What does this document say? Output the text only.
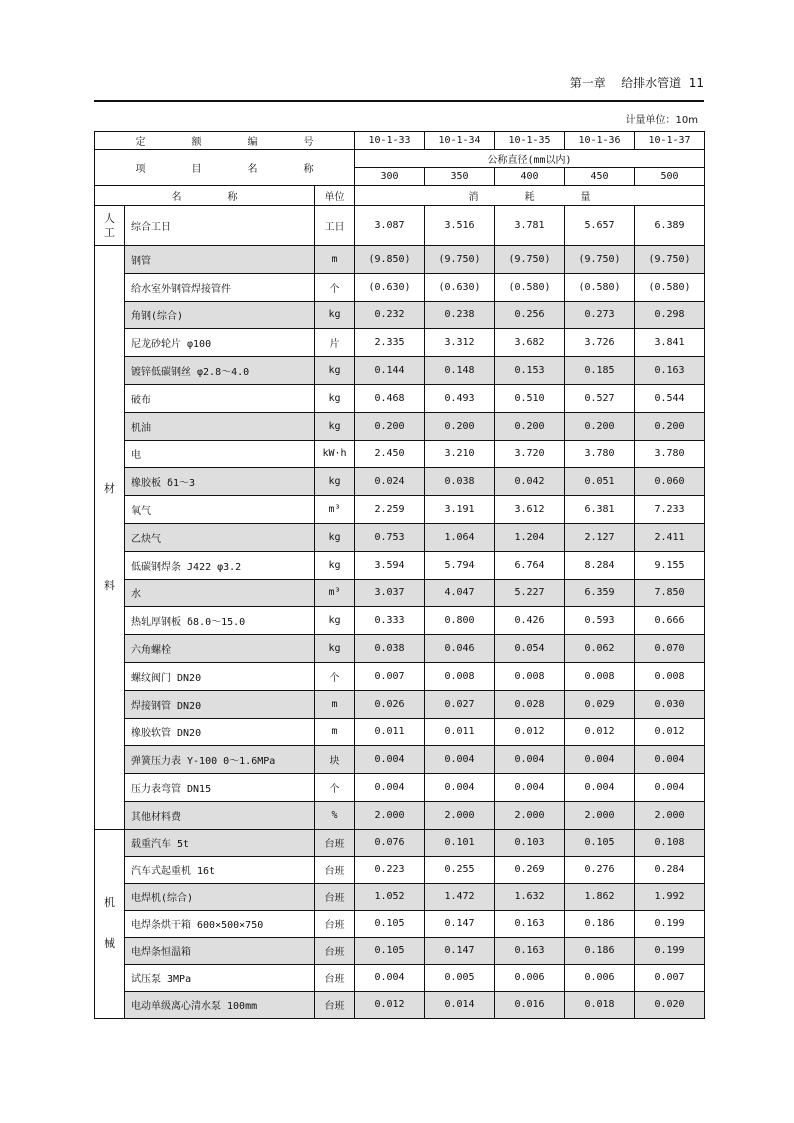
第一章 给排水管道 11
计量单位：10m
定 额 编 号			10-1-33	10-1-34	10-1-35	10-1-36	10-1-37
项 目 名 称			公称直径(mm以内)				
			300	350	400	450	500
名 称		单位	消 耗 量				
人
工	综合工日	工日	3.087	3.516	3.781	5.657	6.389
材

料	钢管	m	(9.850)	(9.750)	(9.750)	(9.750)	(9.750)
	给水室外钢管焊接管件	个	(0.630)	(0.630)	(0.580)	(0.580)	(0.580)
	角钢(综合)	kg	0.232	0.238	0.256	0.273	0.298
	尼龙砂轮片 φ100	片	2.335	3.312	3.682	3.726	3.841
	镀锌低碳钢丝 φ2.8～4.0	kg	0.144	0.148	0.153	0.185	0.163
	破布	kg	0.468	0.493	0.510	0.527	0.544
	机油	kg	0.200	0.200	0.200	0.200	0.200
	电	kW·h	2.450	3.210	3.720	3.780	3.780
	橡胶板 δ1～3	kg	0.024	0.038	0.042	0.051	0.060
	氧气	m³	2.259	3.191	3.612	6.381	7.233
	乙炔气	kg	0.753	1.064	1.204	2.127	2.411
	低碳钢焊条 J422 φ3.2	kg	3.594	5.794	6.764	8.284	9.155
	水	m³	3.037	4.047	5.227	6.359	7.850
	热轧厚钢板 δ8.0～15.0	kg	0.333	0.800	0.426	0.593	0.666
	六角螺栓	kg	0.038	0.046	0.054	0.062	0.070
	螺纹阀门 DN20	个	0.007	0.008	0.008	0.008	0.008
	焊接钢管 DN20	m	0.026	0.027	0.028	0.029	0.030
	橡胶软管 DN20	m	0.011	0.011	0.012	0.012	0.012
	弹簧压力表 Y-100 0～1.6MPa	块	0.004	0.004	0.004	0.004	0.004
	压力表弯管 DN15	个	0.004	0.004	0.004	0.004	0.004
	其他材料费	%	2.000	2.000	2.000	2.000	2.000
机

械	载重汽车 5t	台班	0.076	0.101	0.103	0.105	0.108
	汽车式起重机 16t	台班	0.223	0.255	0.269	0.276	0.284
	电焊机(综合)	台班	1.052	1.472	1.632	1.862	1.992
	电焊条烘干箱 600×500×750	台班	0.105	0.147	0.163	0.186	0.199
	电焊条恒温箱	台班	0.105	0.147	0.163	0.186	0.199
	试压泵 3MPa	台班	0.004	0.005	0.006	0.006	0.007
	电动单级离心清水泵 100mm	台班	0.012	0.014	0.016	0.018	0.020
